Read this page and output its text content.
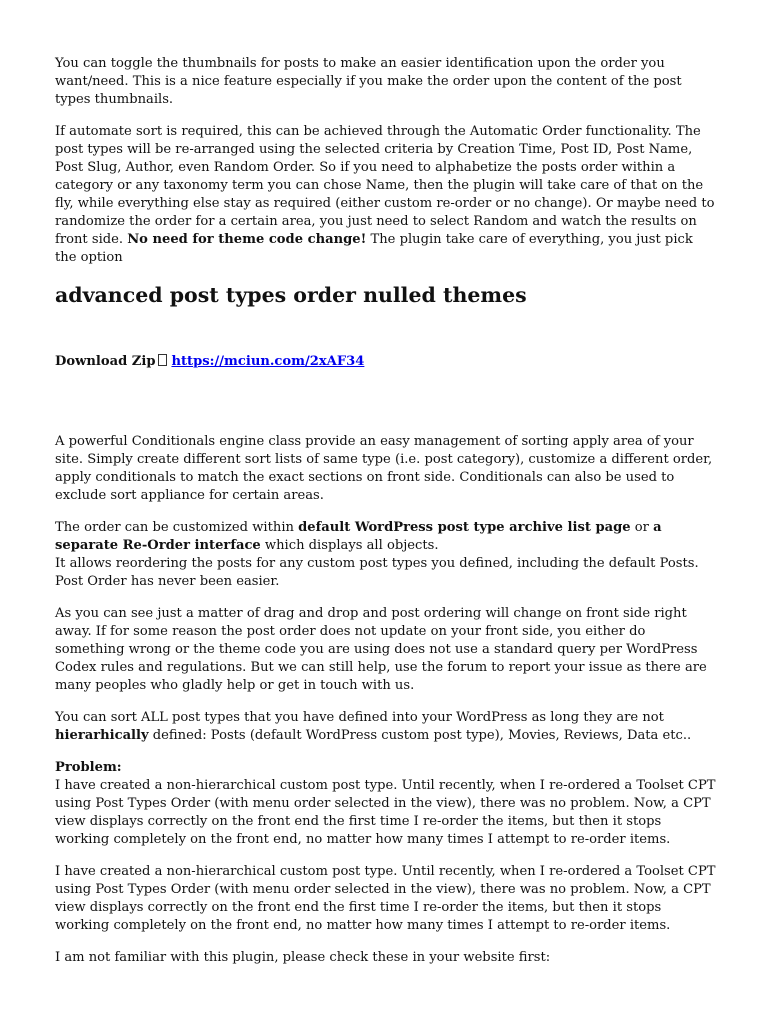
You can toggle the thumbnails for posts to make an easier identification upon the order you want/need. This is a nice feature especially if you make the order upon the content of the post types thumbnails.

If automate sort is required, this can be achieved through the Automatic Order functionality. The post types will be re-arranged using the selected criteria by Creation Time, Post ID, Post Name, Post Slug, Author, even Random Order. So if you need to alphabetize the posts order within a category or any taxonomy term you can chose Name, then the plugin will take care of that on the fly, while everything else stay as required (either custom re-order or no change). Or maybe need to randomize the order for a certain area, you just need to select Random and watch the results on front side. No need for theme code change! The plugin take care of everything, you just pick the option

advanced post types order nulled themes
Download Zip https://mciun.com/2xAF34

A powerful Conditionals engine class provide an easy management of sorting apply area of your site. Simply create different sort lists of same type (i.e. post category), customize a different order, apply conditionals to match the exact sections on front side. Conditionals can also be used to exclude sort appliance for certain areas.

The order can be customized within default WordPress post type archive list page or a separate Re-Order interface which displays all objects.
It allows reordering the posts for any custom post types you defined, including the default Posts. Post Order has never been easier.

As you can see just a matter of drag and drop and post ordering will change on front side right away. If for some reason the post order does not update on your front side, you either do something wrong or the theme code you are using does not use a standard query per WordPress Codex rules and regulations. But we can still help, use the forum to report your issue as there are many peoples who gladly help or get in touch with us.

You can sort ALL post types that you have defined into your WordPress as long they are not hierarhically defined: Posts (default WordPress custom post type), Movies, Reviews, Data etc..

Problem:
I have created a non-hierarchical custom post type. Until recently, when I re-ordered a Toolset CPT using Post Types Order (with menu order selected in the view), there was no problem. Now, a CPT view displays correctly on the front end the first time I re-order the items, but then it stops working completely on the front end, no matter how many times I attempt to re-order items.

I have created a non-hierarchical custom post type. Until recently, when I re-ordered a Toolset CPT using Post Types Order (with menu order selected in the view), there was no problem. Now, a CPT view displays correctly on the front end the first time I re-order the items, but then it stops working completely on the front end, no matter how many times I attempt to re-order items.

I am not familiar with this plugin, please check these in your website first:
